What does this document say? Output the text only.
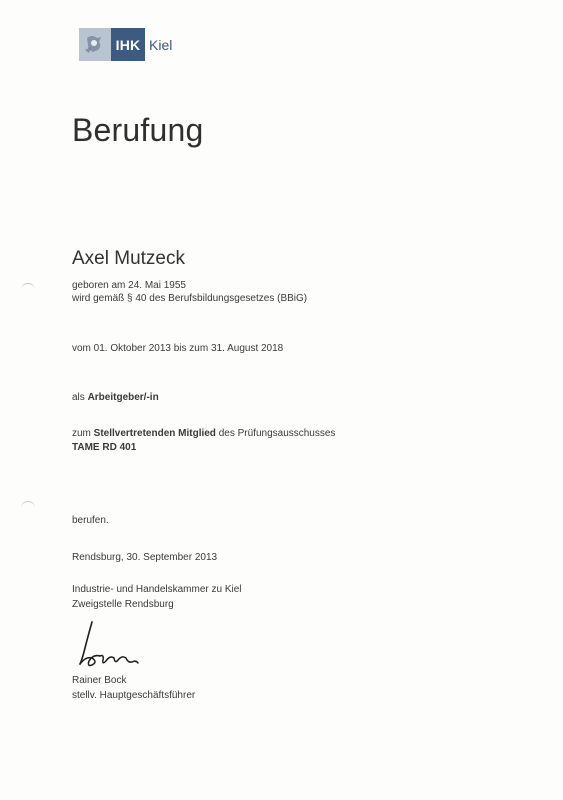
IHK Kiel
Berufung
Axel Mutzeck
geboren am 24. Mai 1955
wird gemäß § 40 des Berufsbildungsgesetzes (BBiG)
vom 01. Oktober 2013 bis zum 31. August 2018
als Arbeitgeber/-in
zum Stellvertretenden Mitglied des Prüfungsausschusses
TAME RD 401
berufen.
Rendsburg, 30. September 2013
Industrie- und Handelskammer zu Kiel
Zweigstelle Rendsburg
Rainer Bock
stellv. Hauptgeschäftsführer
